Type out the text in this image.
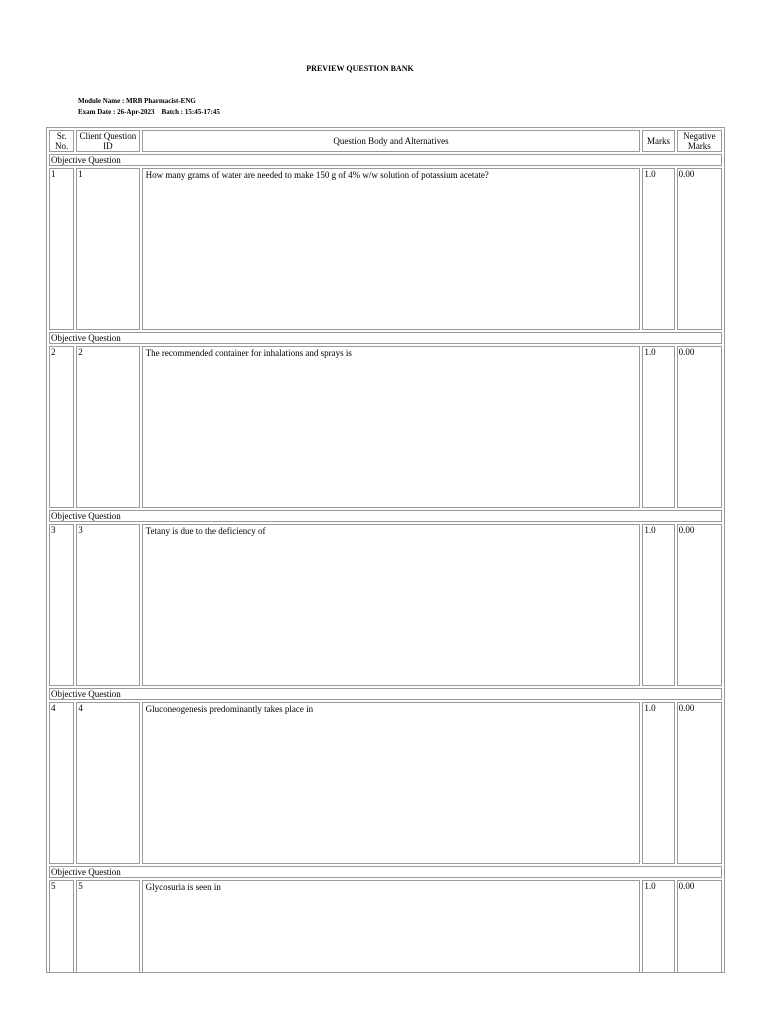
PREVIEW QUESTION BANK
Module Name : MRB Pharmacist-ENG
Exam Date : 26-Apr-2023    Batch : 15:45-17:45
Sr. No.	Client Question ID	Question Body and Alternatives	Marks	Negative Marks
Objective Question				
1	1	How many grams of water are needed to make 150 g of 4% w/w solution of potassium acetate?	1.0	0.00
Objective Question				
2	2	The recommended container for inhalations and sprays is	1.0	0.00
Objective Question				
3	3	Tetany is due to the deficiency of	1.0	0.00
Objective Question				
4	4	Gluconeogenesis predominantly takes place in	1.0	0.00
Objective Question				
5	5	Glycosuria is seen in	1.0	0.00
